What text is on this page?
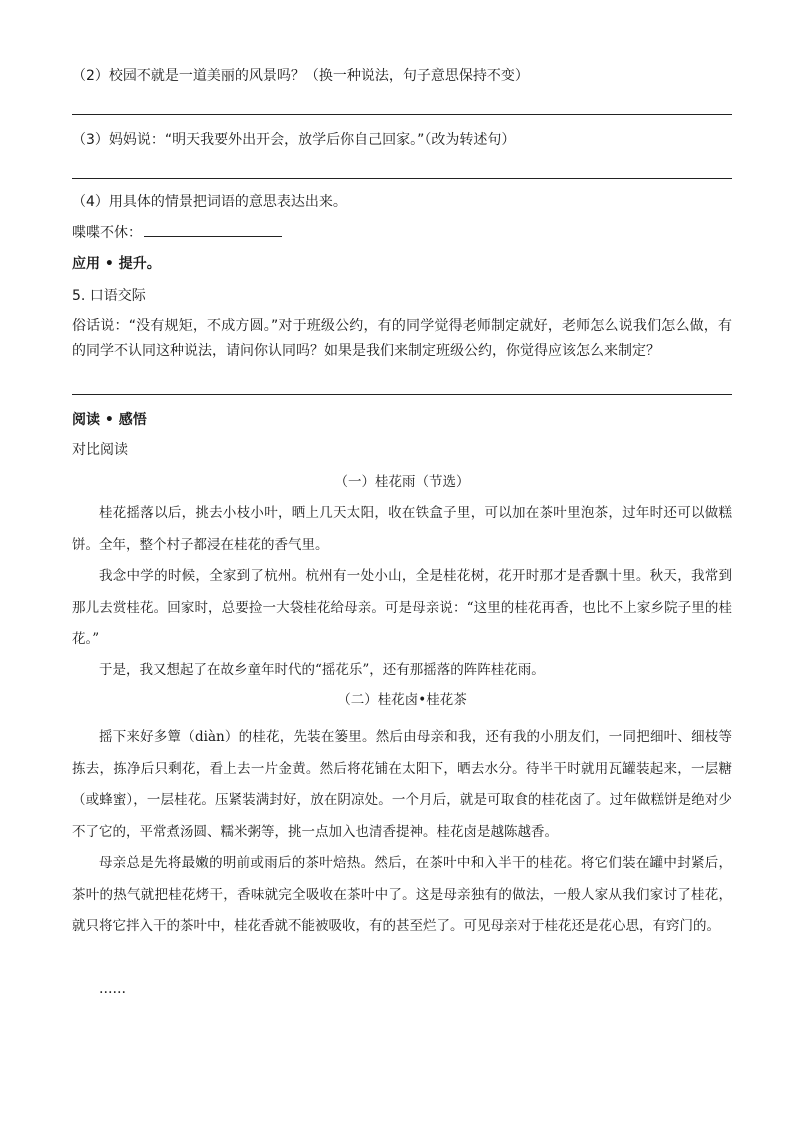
（2）校园不就是一道美丽的风景吗？（换一种说法，句子意思保持不变）
（3）妈妈说：“明天我要外出开会，放学后你自己回家。”（改为转述句）
（4）用具体的情景把词语的意思表达出来。
喋喋不休：
应用 • 提升。
5. 口语交际
俗话说：“没有规矩，不成方圆。”对于班级公约，有的同学觉得老师制定就好，老师怎么说我们怎么做，有的同学不认同这种说法，请问你认同吗？如果是我们来制定班级公约，你觉得应该怎么来制定？
阅读 • 感悟
对比阅读
（一）桂花雨（节选）
桂花摇落以后，挑去小枝小叶，晒上几天太阳，收在铁盒子里，可以加在茶叶里泡茶，过年时还可以做糕饼。全年，整个村子都浸在桂花的香气里。
我念中学的时候，全家到了杭州。杭州有一处小山，全是桂花树，花开时那才是香飘十里。秋天，我常到那儿去赏桂花。回家时，总要捡一大袋桂花给母亲。可是母亲说：“这里的桂花再香，也比不上家乡院子里的桂花。”
于是，我又想起了在故乡童年时代的“摇花乐”，还有那摇落的阵阵桂花雨。
（二）桂花卤•桂花茶
摇下来好多簟（diàn）的桂花，先装在篓里。然后由母亲和我，还有我的小朋友们，一同把细叶、细枝等拣去，拣净后只剩花，看上去一片金黄。然后将花铺在太阳下，晒去水分。待半干时就用瓦罐装起来，一层糖（或蜂蜜），一层桂花。压紧装满封好，放在阴凉处。一个月后，就是可取食的桂花卤了。过年做糕饼是绝对少不了它的，平常煮汤圆、糯米粥等，挑一点加入也清香提神。桂花卤是越陈越香。
母亲总是先将最嫩的明前或雨后的茶叶焙热。然后，在茶叶中和入半干的桂花。将它们装在罐中封紧后，茶叶的热气就把桂花烤干，香味就完全吸收在茶叶中了。这是母亲独有的做法，一般人家从我们家讨了桂花，就只将它拌入干的茶叶中，桂花香就不能被吸收，有的甚至烂了。可见母亲对于桂花还是花心思，有窍门的。
……
